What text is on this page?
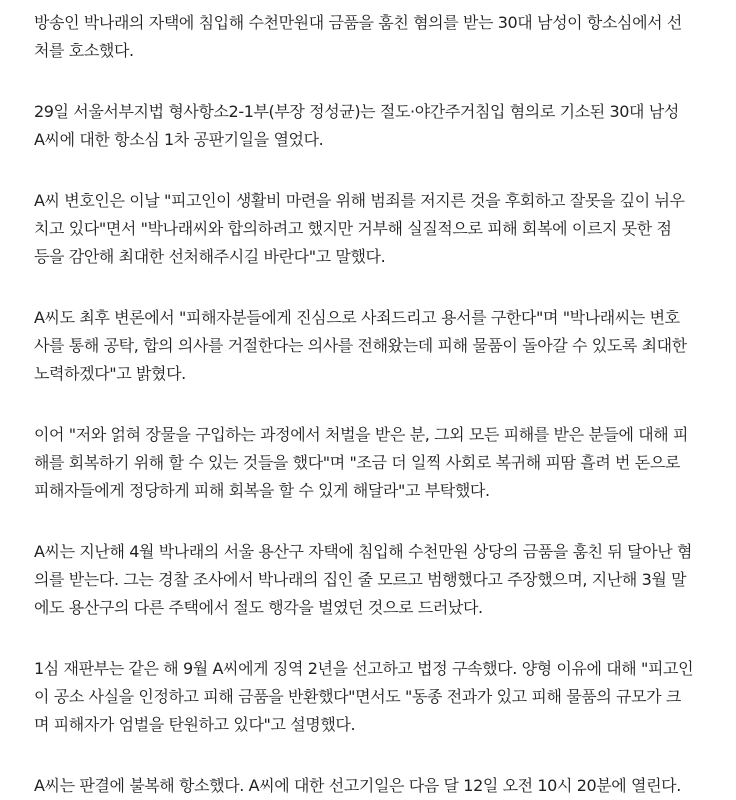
방송인 박나래의 자택에 침입해 수천만원대 금품을 훔친 혐의를 받는 30대 남성이 항소심에서 선
처를 호소했다.

29일 서울서부지법 형사항소2-1부(부장 정성균)는 절도·야간주거침입 혐의로 기소된 30대 남성
A씨에 대한 항소심 1차 공판기일을 열었다.

A씨 변호인은 이날 "피고인이 생활비 마련을 위해 범죄를 저지른 것을 후회하고 잘못을 깊이 뉘우
치고 있다"면서 "박나래씨와 합의하려고 했지만 거부해 실질적으로 피해 회복에 이르지 못한 점
등을 감안해 최대한 선처해주시길 바란다"고 말했다.

A씨도 최후 변론에서 "피해자분들에게 진심으로 사죄드리고 용서를 구한다"며 "박나래씨는 변호
사를 통해 공탁, 합의 의사를 거절한다는 의사를 전해왔는데 피해 물품이 돌아갈 수 있도록 최대한
노력하겠다"고 밝혔다.

이어 "저와 얽혀 장물을 구입하는 과정에서 처벌을 받은 분, 그외 모든 피해를 받은 분들에 대해 피
해를 회복하기 위해 할 수 있는 것들을 했다"며 "조금 더 일찍 사회로 복귀해 피땀 흘려 번 돈으로
피해자들에게 정당하게 피해 회복을 할 수 있게 해달라"고 부탁했다.

A씨는 지난해 4월 박나래의 서울 용산구 자택에 침입해 수천만원 상당의 금품을 훔친 뒤 달아난 혐
의를 받는다. 그는 경찰 조사에서 박나래의 집인 줄 모르고 범행했다고 주장했으며, 지난해 3월 말
에도 용산구의 다른 주택에서 절도 행각을 벌였던 것으로 드러났다.

1심 재판부는 같은 해 9월 A씨에게 징역 2년을 선고하고 법정 구속했다. 양형 이유에 대해 "피고인
이 공소 사실을 인정하고 피해 금품을 반환했다"면서도 "동종 전과가 있고 피해 물품의 규모가 크
며 피해자가 엄벌을 탄원하고 있다"고 설명했다.

A씨는 판결에 불복해 항소했다. A씨에 대한 선고기일은 다음 달 12일 오전 10시 20분에 열린다.
